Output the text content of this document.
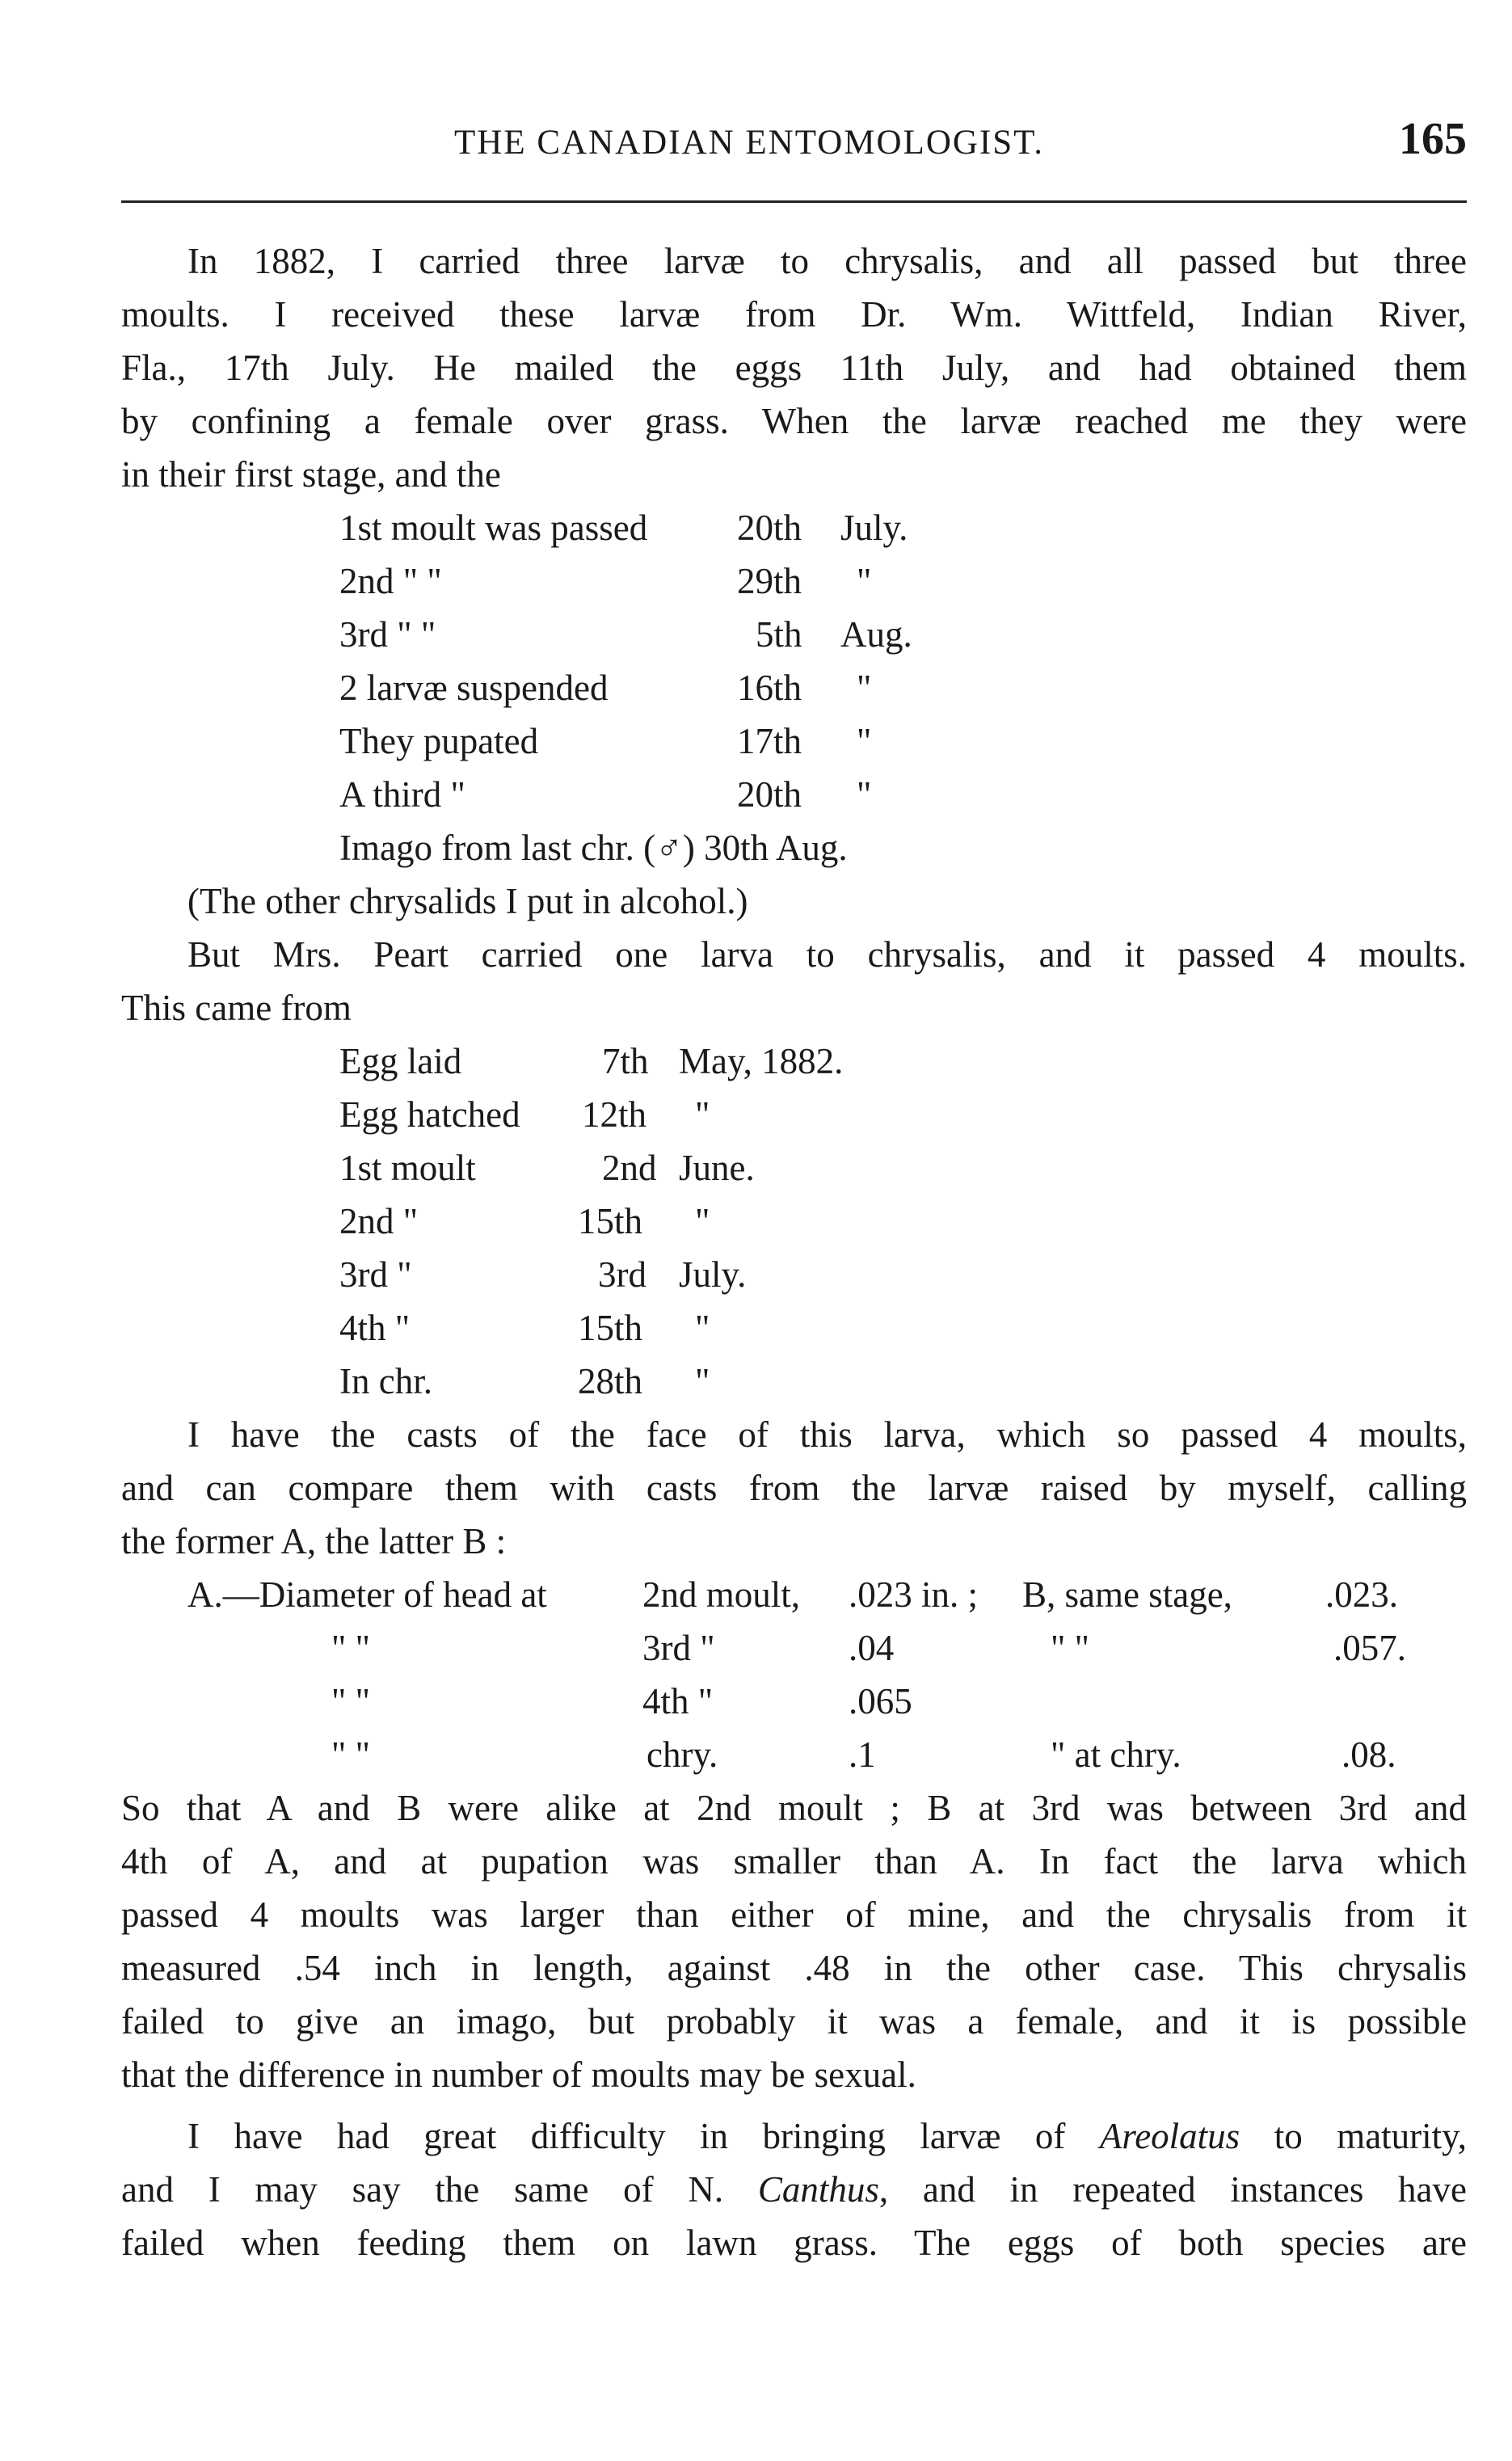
THE CANADIAN ENTOMOLOGIST.	165
In 1882, I carried three larvæ to chrysalis, and all passed but three
moults. I received these larvæ from Dr. Wm. Wittfeld, Indian River,
Fla., 17th July. He mailed the eggs 11th July, and had obtained them
by confining a female over grass. When the larvæ reached me they were
in their first stage, and the
1st moult was passed 20th July.
2nd " "	29th "
3rd " "	5th Aug.
2 larvæ suspended	16th "
They pupated	17th "
A third "	20th "
Imago from last chr. (♂) 30th Aug.
(The other chrysalids I put in alcohol.)
But Mrs. Peart carried one larva to chrysalis, and it passed 4 moults.
This came from
Egg laid	7th May, 1882.
Egg hatched 12th "
1st moult	2nd June.
2nd "	15th "
3rd "	3rd July.
4th "	15th "
In chr.	28th "
I have the casts of the face of this larva, which so passed 4 moults,
and can compare them with casts from the larvæ raised by myself, calling
the former A, the latter B :
A.—Diameter of head at	2nd moult, .023 in. ; B, same stage,	.023.
" "	3rd "	.04	" "	.057.
" "	4th "	.065
" "	chry.	.1	" at chry.	.08.
So that A and B were alike at 2nd moult ; B at 3rd was between 3rd and
4th of A, and at pupation was smaller than A. In fact the larva which
passed 4 moults was larger than either of mine, and the chrysalis from it
measured .54 inch in length, against .48 in the other case. This chrysalis
failed to give an imago, but probably it was a female, and it is possible
that the difference in number of moults may be sexual.
I have had great difficulty in bringing larvæ of Areolatus to maturity,
and I may say the same of N. Canthus, and in repeated instances have
failed when feeding them on lawn grass. The eggs of both species are
